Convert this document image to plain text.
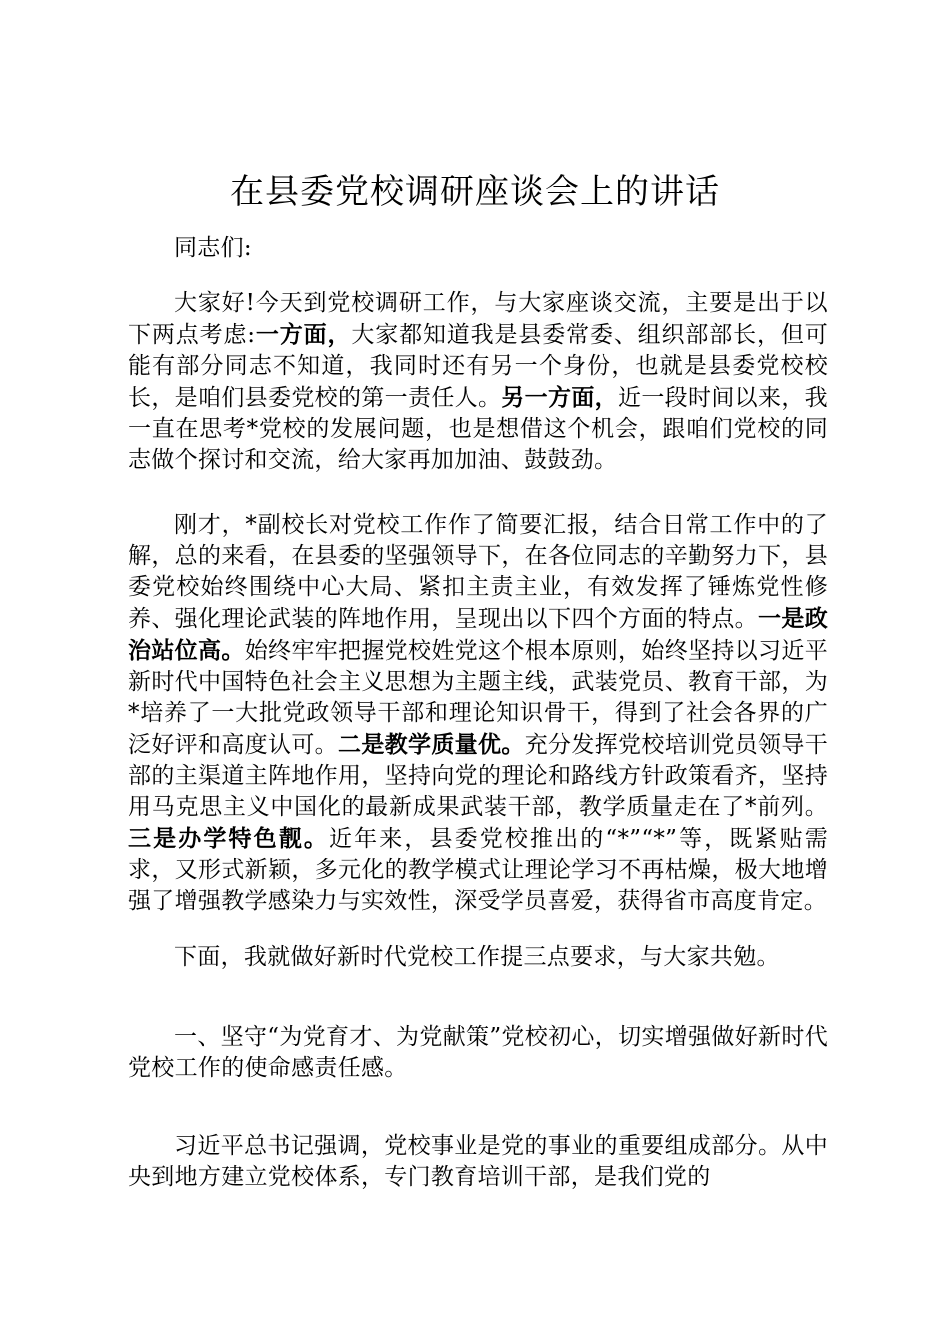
在县委党校调研座谈会上的讲话

同志们:

大家好!今天到党校调研工作，与大家座谈交流，主要是出于以下两点考虑:一方面，大家都知道我是县委常委、组织部部长，但可能有部分同志不知道，我同时还有另一个身份，也就是县委党校校长，是咱们县委党校的第一责任人。另一方面，近一段时间以来，我一直在思考*党校的发展问题，也是想借这个机会，跟咱们党校的同志做个探讨和交流，给大家再加加油、鼓鼓劲。

刚才，*副校长对党校工作作了简要汇报，结合日常工作中的了解，总的来看，在县委的坚强领导下，在各位同志的辛勤努力下，县委党校始终围绕中心大局、紧扣主责主业，有效发挥了锤炼党性修养、强化理论武装的阵地作用，呈现出以下四个方面的特点。一是政治站位高。始终牢牢把握党校姓党这个根本原则，始终坚持以习近平新时代中国特色社会主义思想为主题主线，武装党员、教育干部，为*培养了一大批党政领导干部和理论知识骨干，得到了社会各界的广泛好评和高度认可。二是教学质量优。充分发挥党校培训党员领导干部的主渠道主阵地作用，坚持向党的理论和路线方针政策看齐，坚持用马克思主义中国化的最新成果武装干部，教学质量走在了*前列。三是办学特色靓。近年来，县委党校推出的“*”“*”等，既紧贴需求，又形式新颖，多元化的教学模式让理论学习不再枯燥，极大地增强了增强教学感染力与实效性，深受学员喜爱，获得省市高度肯定。

下面，我就做好新时代党校工作提三点要求，与大家共勉。

一、坚守“为党育才、为党献策”党校初心，切实增强做好新时代党校工作的使命感责任感。

习近平总书记强调，党校事业是党的事业的重要组成部分。从中央到地方建立党校体系，专门教育培训干部，是我们党的
